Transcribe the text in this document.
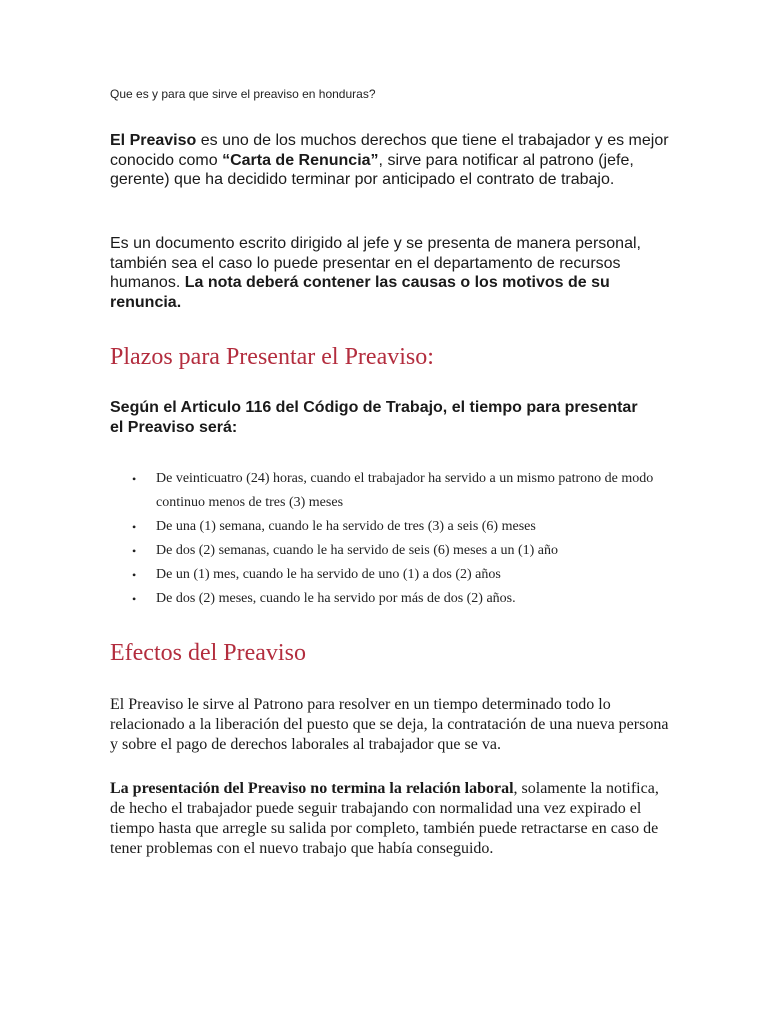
Que es y para que sirve el preaviso en honduras?

El Preaviso es uno de los muchos derechos que tiene el trabajador y es mejor conocido como “Carta de Renuncia”, sirve para notificar al patrono (jefe, gerente) que ha decidido terminar por anticipado el contrato de trabajo.

Es un documento escrito dirigido al jefe y se presenta de manera personal, también sea el caso lo puede presentar en el departamento de recursos humanos. La nota deberá contener las causas o los motivos de su renuncia.

Plazos para Presentar el Preaviso:

Según el Articulo 116 del Código de Trabajo, el tiempo para presentar el Preaviso será:

• De veinticuatro (24) horas, cuando el trabajador ha servido a un mismo patrono de modo continuo menos de tres (3) meses
• De una (1) semana, cuando le ha servido de tres (3) a seis (6) meses
• De dos (2) semanas, cuando le ha servido de seis (6) meses a un (1) año
• De un (1) mes, cuando le ha servido de uno (1) a dos (2) años
• De dos (2) meses, cuando le ha servido por más de dos (2) años.
Efectos del Preaviso

El Preaviso le sirve al Patrono para resolver en un tiempo determinado todo lo relacionado a la liberación del puesto que se deja, la contratación de una nueva persona y sobre el pago de derechos laborales al trabajador que se va.

La presentación del Preaviso no termina la relación laboral, solamente la notifica, de hecho el trabajador puede seguir trabajando con normalidad una vez expirado el tiempo hasta que arregle su salida por completo, también puede retractarse en caso de tener problemas con el nuevo trabajo que había conseguido.
